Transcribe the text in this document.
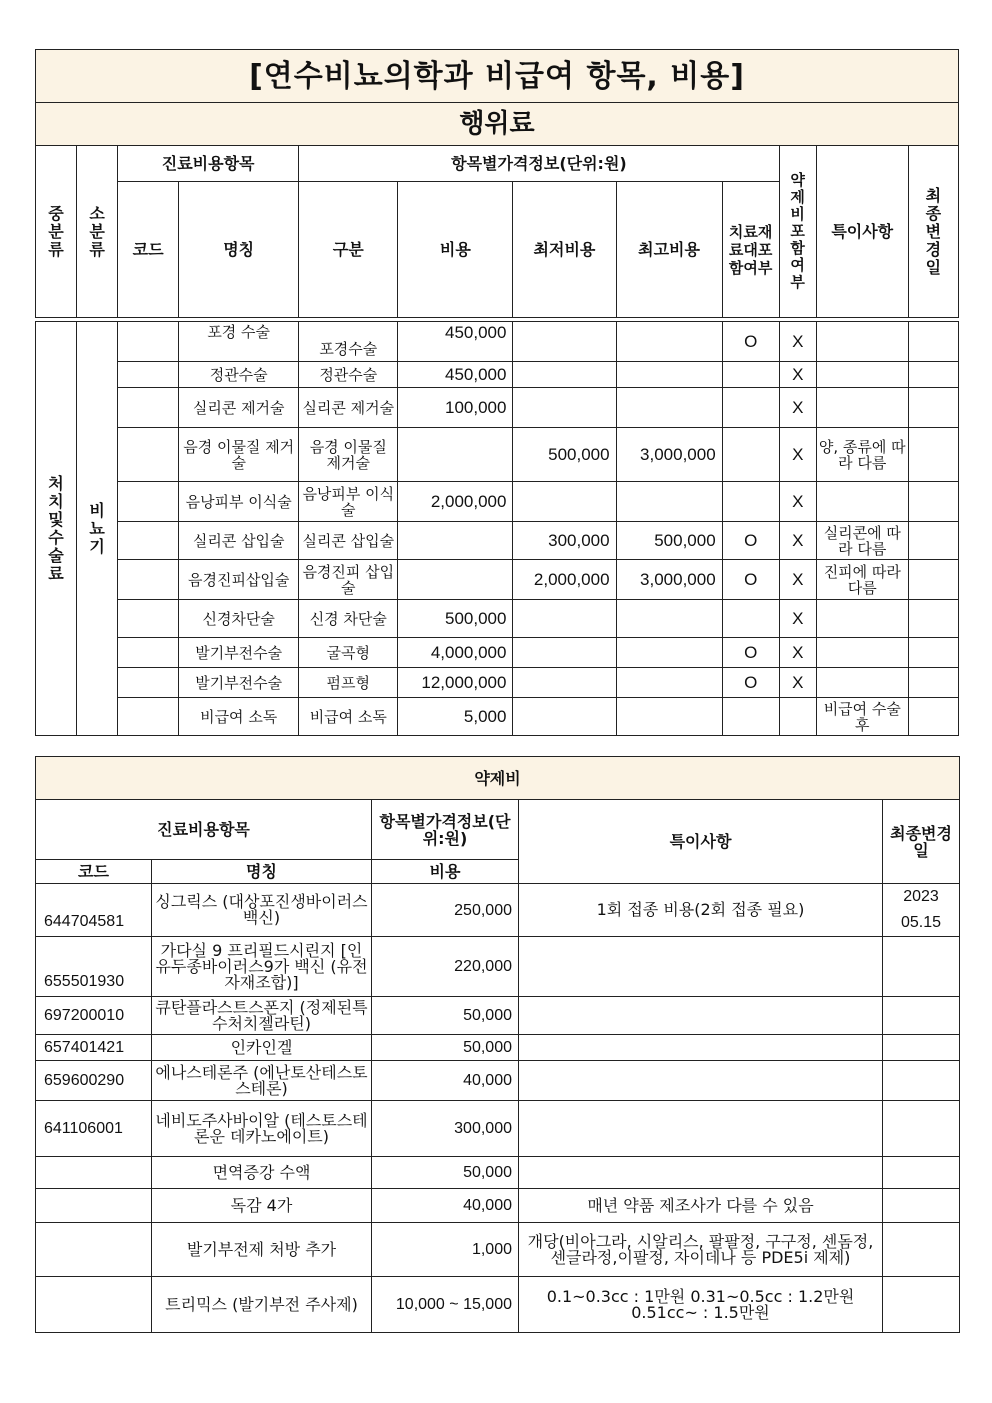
[연수비뇨의학과 비급여 항목, 비용]											
행위료											
중분류	소분류	진료비용항목		항목별가격정보(단위:원)					약제비포함여부	특이사항	최종변경일
		코드	명칭	구분	비용	최저비용	최고비용	치료재료대포함여부			
처치및수술료	비뇨기		포경 수술	포경수술	450,000			O	X		
			정관수술	정관수술	450,000				X		
			실리콘 제거술	실리콘 제거술	100,000				X		
			음경 이물질 제거술	음경 이물질 제거술		500,000	3,000,000		X	양, 종류에 따라 다름	
			음낭피부 이식술	음낭피부 이식술	2,000,000				X		
			실리콘 삽입술	실리콘 삽입술		300,000	500,000	O	X	실리콘에 따라 다름	
			음경진피삽입술	음경진피 삽입술		2,000,000	3,000,000	O	X	진피에 따라 다름	
			신경차단술	신경 차단술	500,000				X		
			발기부전수술	굴곡형	4,000,000			O	X		
			발기부전수술	펌프형	12,000,000			O	X		
			비급여 소독	비급여 소독	5,000					비급여 수술 후	
약제비				
진료비용항목		항목별가격정보(단위:원)	특이사항	최종변경일
코드	명칭	비용		
644704581	싱그릭스 (대상포진생바이러스백신)	250,000	1회 접종 비용(2회 접종 필요)	2023 05.15
655501930	가다실 9 프리필드시린지 [인유두종바이러스9가 백신 (유전자재조합)]	220,000		
697200010	큐탄플라스트스폰지 (정제된특수처치젤라틴)	50,000		
657401421	인카인겔	50,000		
659600290	에나스테론주 (에난토산테스토스테론)	40,000		
641106001	네비도주사바이알 (테스토스테론운 데카노에이트)	300,000		
	면역증강 수액	50,000		
	독감 4가	40,000	매년 약품 제조사가 다를 수 있음	
	발기부전제 처방 추가	1,000	개당(비아그라, 시알리스, 팔팔정, 구구정, 센돔정, 센글라정,이팔정, 자이데나 등 PDE5i 제제)	
	트리믹스 (발기부전 주사제)	10,000 ~ 15,000	0.1~0.3cc : 1만원 0.31~0.5cc : 1.2만원 0.51cc~ : 1.5만원	
